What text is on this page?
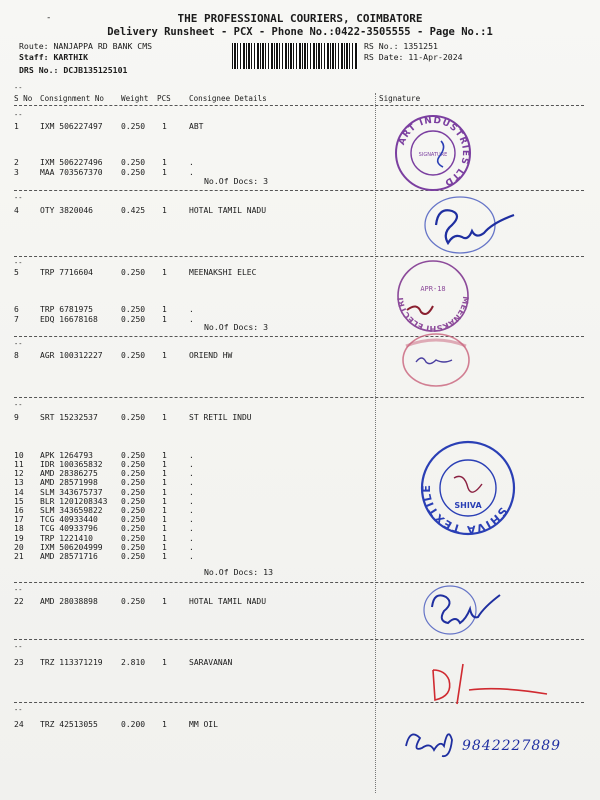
-	THE PROFESSIONAL COURIERS, COIMBATORE
Delivery Runsheet - PCX - Phone No.:0422-3505555 - Page No.:1
Route: NANJAPPA RD BANK CMS
Staff: KARTHIK
DRS No.: DCJB135125101
RS No.: 1351251
RS Date: 11-Apr-2024
--
S No Consignment No Weight PCS Consignee Details	Signature
--
--
--
--
--
--
--
--
1	IXM 506227497 0.250 1	ABT
2	IXM 506227496 0.250 1	.
3	MAA 703567370 0.250 1	.
4	OTY 3820046	0.425 1	HOTAL TAMIL NADU
5	TRP 7716604	0.250 1	MEENAKSHI ELEC
6	TRP 6781975	0.250 1	.
7	EDQ 16678168	0.250 1	.
8	AGR 100312227 0.250 1	ORIEND HW
9	SRT 15232537	0.250 1	ST RETIL INDU
10 APK 1264793	0.250 1	.
11 IDR 100365832 0.250 1	.
12 AMD 28386275	0.250 1	.
13 AMD 28571998	0.250 1	.
14 SLM 343675737 0.250 1	.
15 BLR 1201208343 0.250 1	.
16 SLM 343659822 0.250 1	.
17 TCG 40933440	0.250 1	.
18 TCG 40933796	0.250 1	.
19 TRP 1221410	0.250 1	.
20 IXM 506204999 0.250 1	.
21 AMD 28571716	0.250 1	.
22 AMD 28038898	0.250 1	HOTAL TAMIL NADU
23 TRZ 113371219 2.810 1	SARAVANAN
24 TRZ 42513055	0.200 1	MM OIL
No.Of Docs: 3
No.Of Docs: 3
No.Of Docs: 13
ART INDUSTRIES LTD
SIGNATURE
MEENAKSHI ELECTRIC
APR-18
SHIVA TEXTILES DELIVERY
SHIVA
9842227889
